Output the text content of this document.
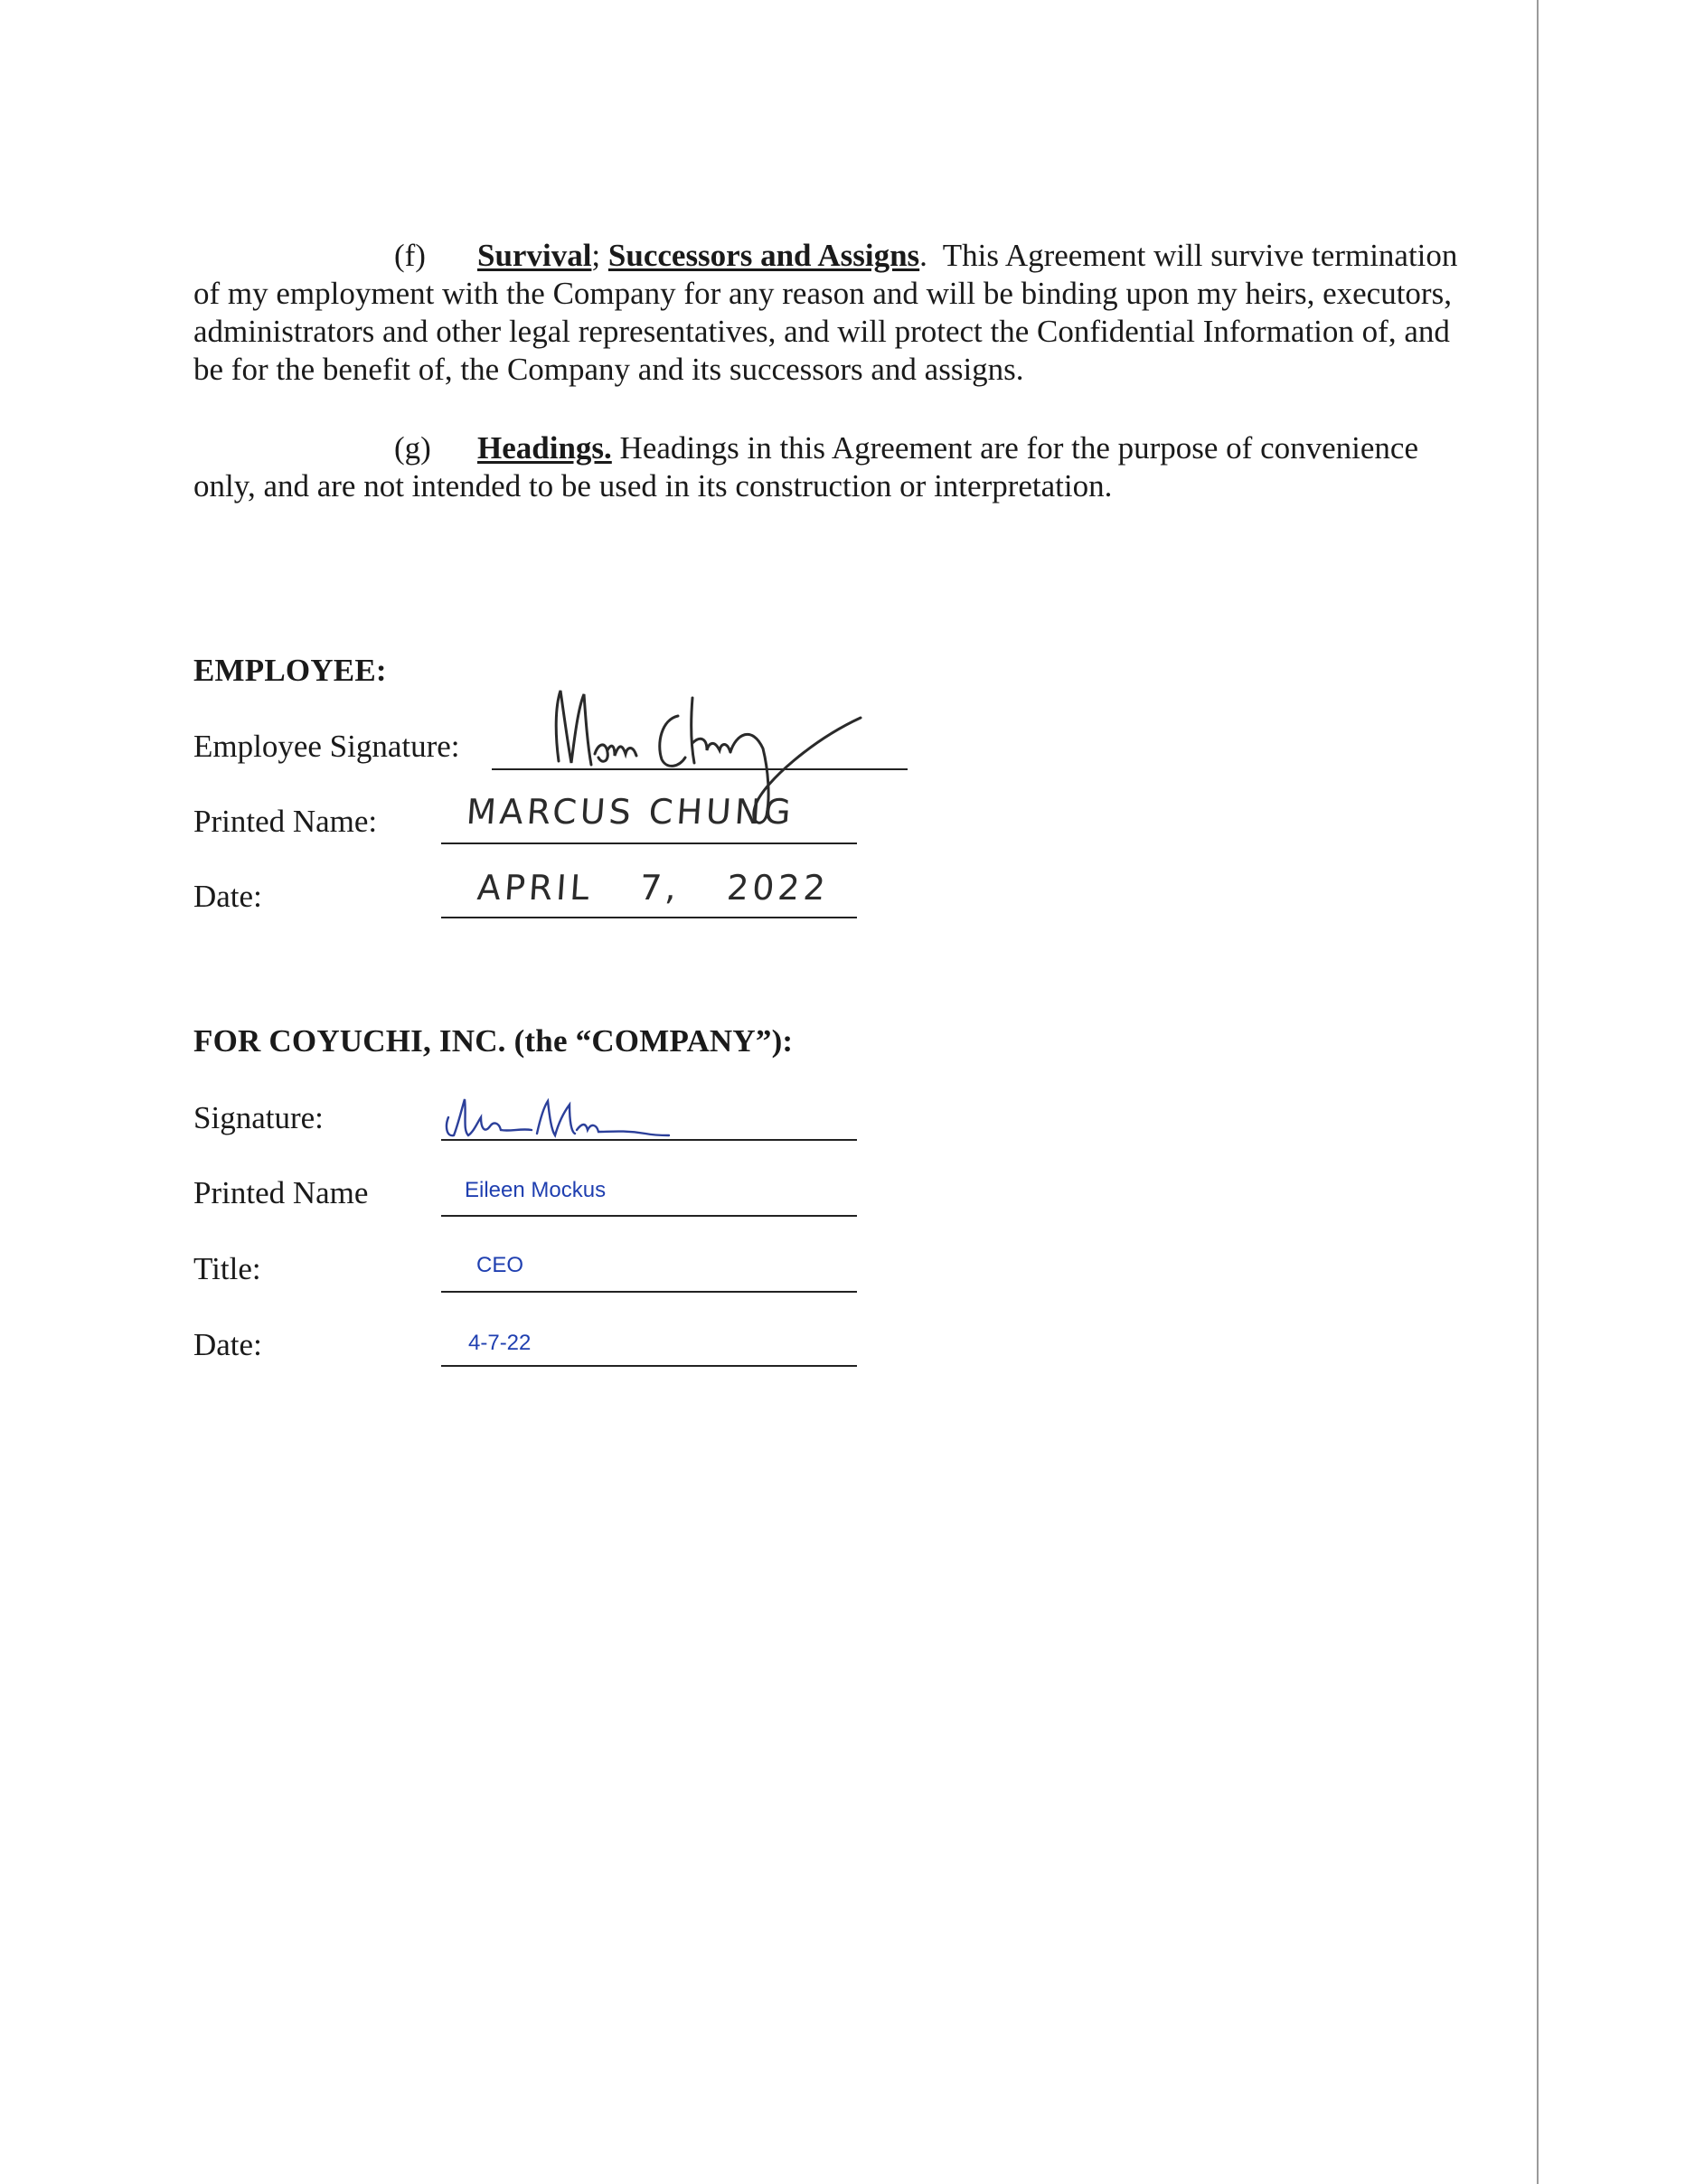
(f) Survival; Successors and Assigns. This Agreement will survive termination of my employment with the Company for any reason and will be binding upon my heirs, executors, administrators and other legal representatives, and will protect the Confidential Information of, and be for the benefit of, the Company and its successors and assigns.

(g) Headings. Headings in this Agreement are for the purpose of convenience only, and are not intended to be used in its construction or interpretation.

EMPLOYEE:
Employee Signature:
Printed Name:	MARCUS CHUNG
Date:	APRIL 7, 2022
FOR COYUCHI, INC. (the “COMPANY”):
Signature:
Printed Name	Eileen Mockus
Title:	CEO
Date:	4-7-22
